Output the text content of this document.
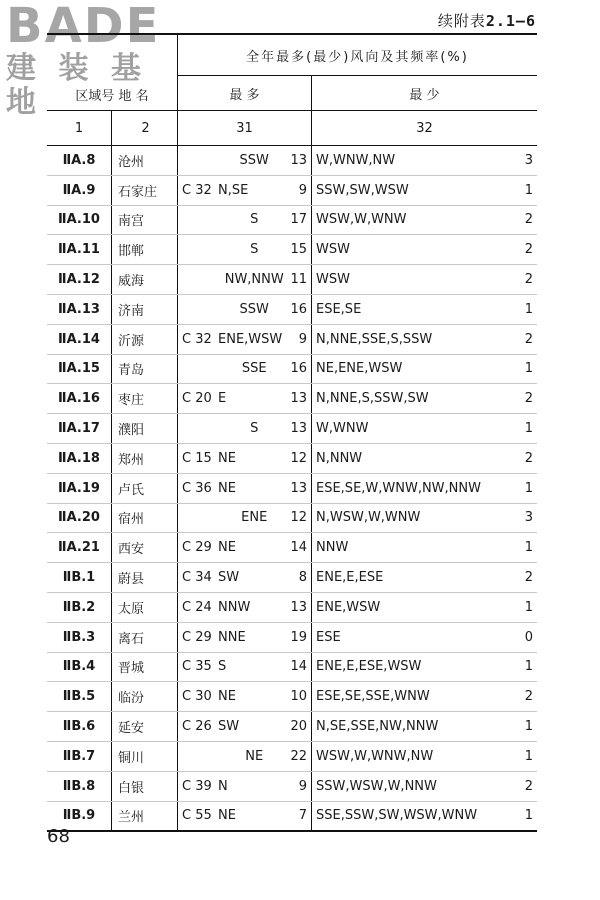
BADE
建 装 基 地
续附表2.1—6
区域号 地 名		全年最多(最少)风向及其频率(%)	
		最 多	最 少
1	2	31	32
ⅡA.8	沧州	SSW 13	W,WNW,NW 3

ⅡA.9	石家庄	C 32 N,SE 9	SSW,SW,WSW 1

ⅡA.10	南宫	S 17	WSW,W,WNW 2

ⅡA.11	邯郸	S 15	WSW 2

ⅡA.12	威海	NW,NNW 11	WSW 2

ⅡA.13	济南	SSW 16	ESE,SE 1

ⅡA.14	沂源	C 32 ENE,WSW 9	N,NNE,SSE,S,SSW 2

ⅡA.15	青岛	SSE 16	NE,ENE,WSW 1

ⅡA.16	枣庄	C 20 E 13	N,NNE,S,SSW,SW 2

ⅡA.17	濮阳	S 13	W,WNW 1

ⅡA.18	郑州	C 15 NE 12	N,NNW 2

ⅡA.19	卢氏	C 36 NE 13	ESE,SE,W,WNW,NW,NNW 1

ⅡA.20	宿州	ENE 12	N,WSW,W,WNW 3

ⅡA.21	西安	C 29 NE 14	NNW 1

ⅡB.1	蔚县	C 34 SW 8	ENE,E,ESE 2

ⅡB.2	太原	C 24 NNW 13	ENE,WSW 1

ⅡB.3	离石	C 29 NNE 19	ESE 0

ⅡB.4	晋城	C 35 S 14	ENE,E,ESE,WSW 1

ⅡB.5	临汾	C 30 NE 10	ESE,SE,SSE,WNW 2

ⅡB.6	延安	C 26 SW 20	N,SE,SSE,NW,NNW 1

ⅡB.7	铜川	NE 22	WSW,W,WNW,NW 1

ⅡB.8	白银	C 39 N 9	SSW,WSW,W,NNW 2

ⅡB.9	兰州	C 55 NE 7	SSE,SSW,SW,WSW,WNW 1
68
